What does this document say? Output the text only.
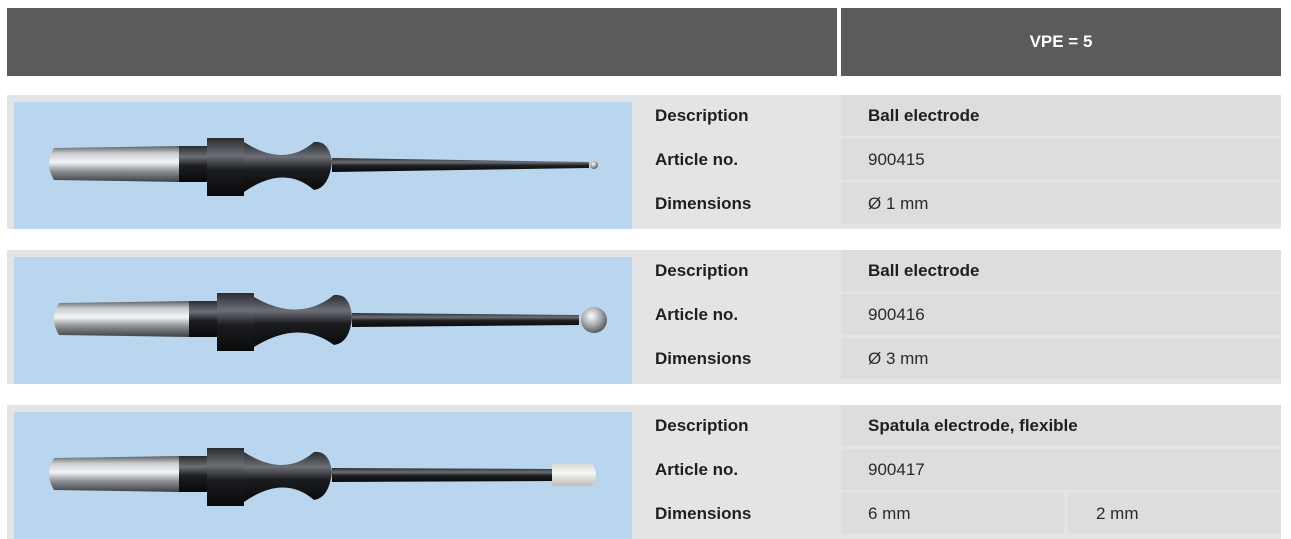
VPE = 5
Description	Ball electrode
Article no.	900415
Dimensions	Ø 1 mm
Description	Ball electrode
Article no.	900416
Dimensions	Ø 3 mm
Description	Spatula electrode, flexible
Article no.	900417
Dimensions	6 mm	2 mm
